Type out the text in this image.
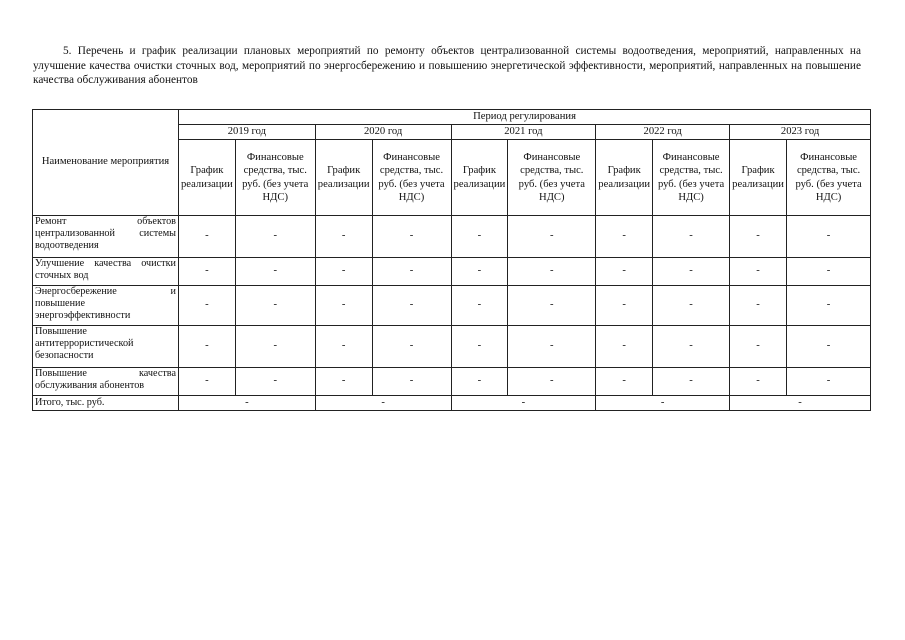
5. Перечень и график реализации плановых мероприятий по ремонту объектов централизованной системы водоотведения, мероприятий, направленных на улучшение качества очистки сточных вод, мероприятий по энергосбережению и повышению энергетической эффективности, мероприятий, направленных на повышение качества обслуживания абонентов
Наименование мероприятия	Период регулирования									
	2019 год		2020 год		2021 год		2022 год		2023 год	
	График реализации	Финансовые средства, тыс. руб. (без учета НДС)	График реализации	Финансовые средства, тыс. руб. (без учета НДС)	График реализации	Финансовые средства, тыс. руб. (без учета НДС)	График реализации	Финансовые средства, тыс. руб. (без учета НДС)	График реализации	Финансовые средства, тыс. руб. (без учета НДС)
Ремонт объектов централизованной системы водоотведения	-	-	-	-	-	-	-	-	-	-
Улучшение качества очистки сточных вод	-	-	-	-	-	-	-	-	-	-
Энергосбережение и повышение энергоэффективности	-	-	-	-	-	-	-	-	-	-
Повышение антитеррористической безопасности	-	-	-	-	-	-	-	-	-	-
Повышение качества обслуживания абонентов	-	-	-	-	-	-	-	-	-	-
Итого, тыс. руб.	-		-		-		-		-	
